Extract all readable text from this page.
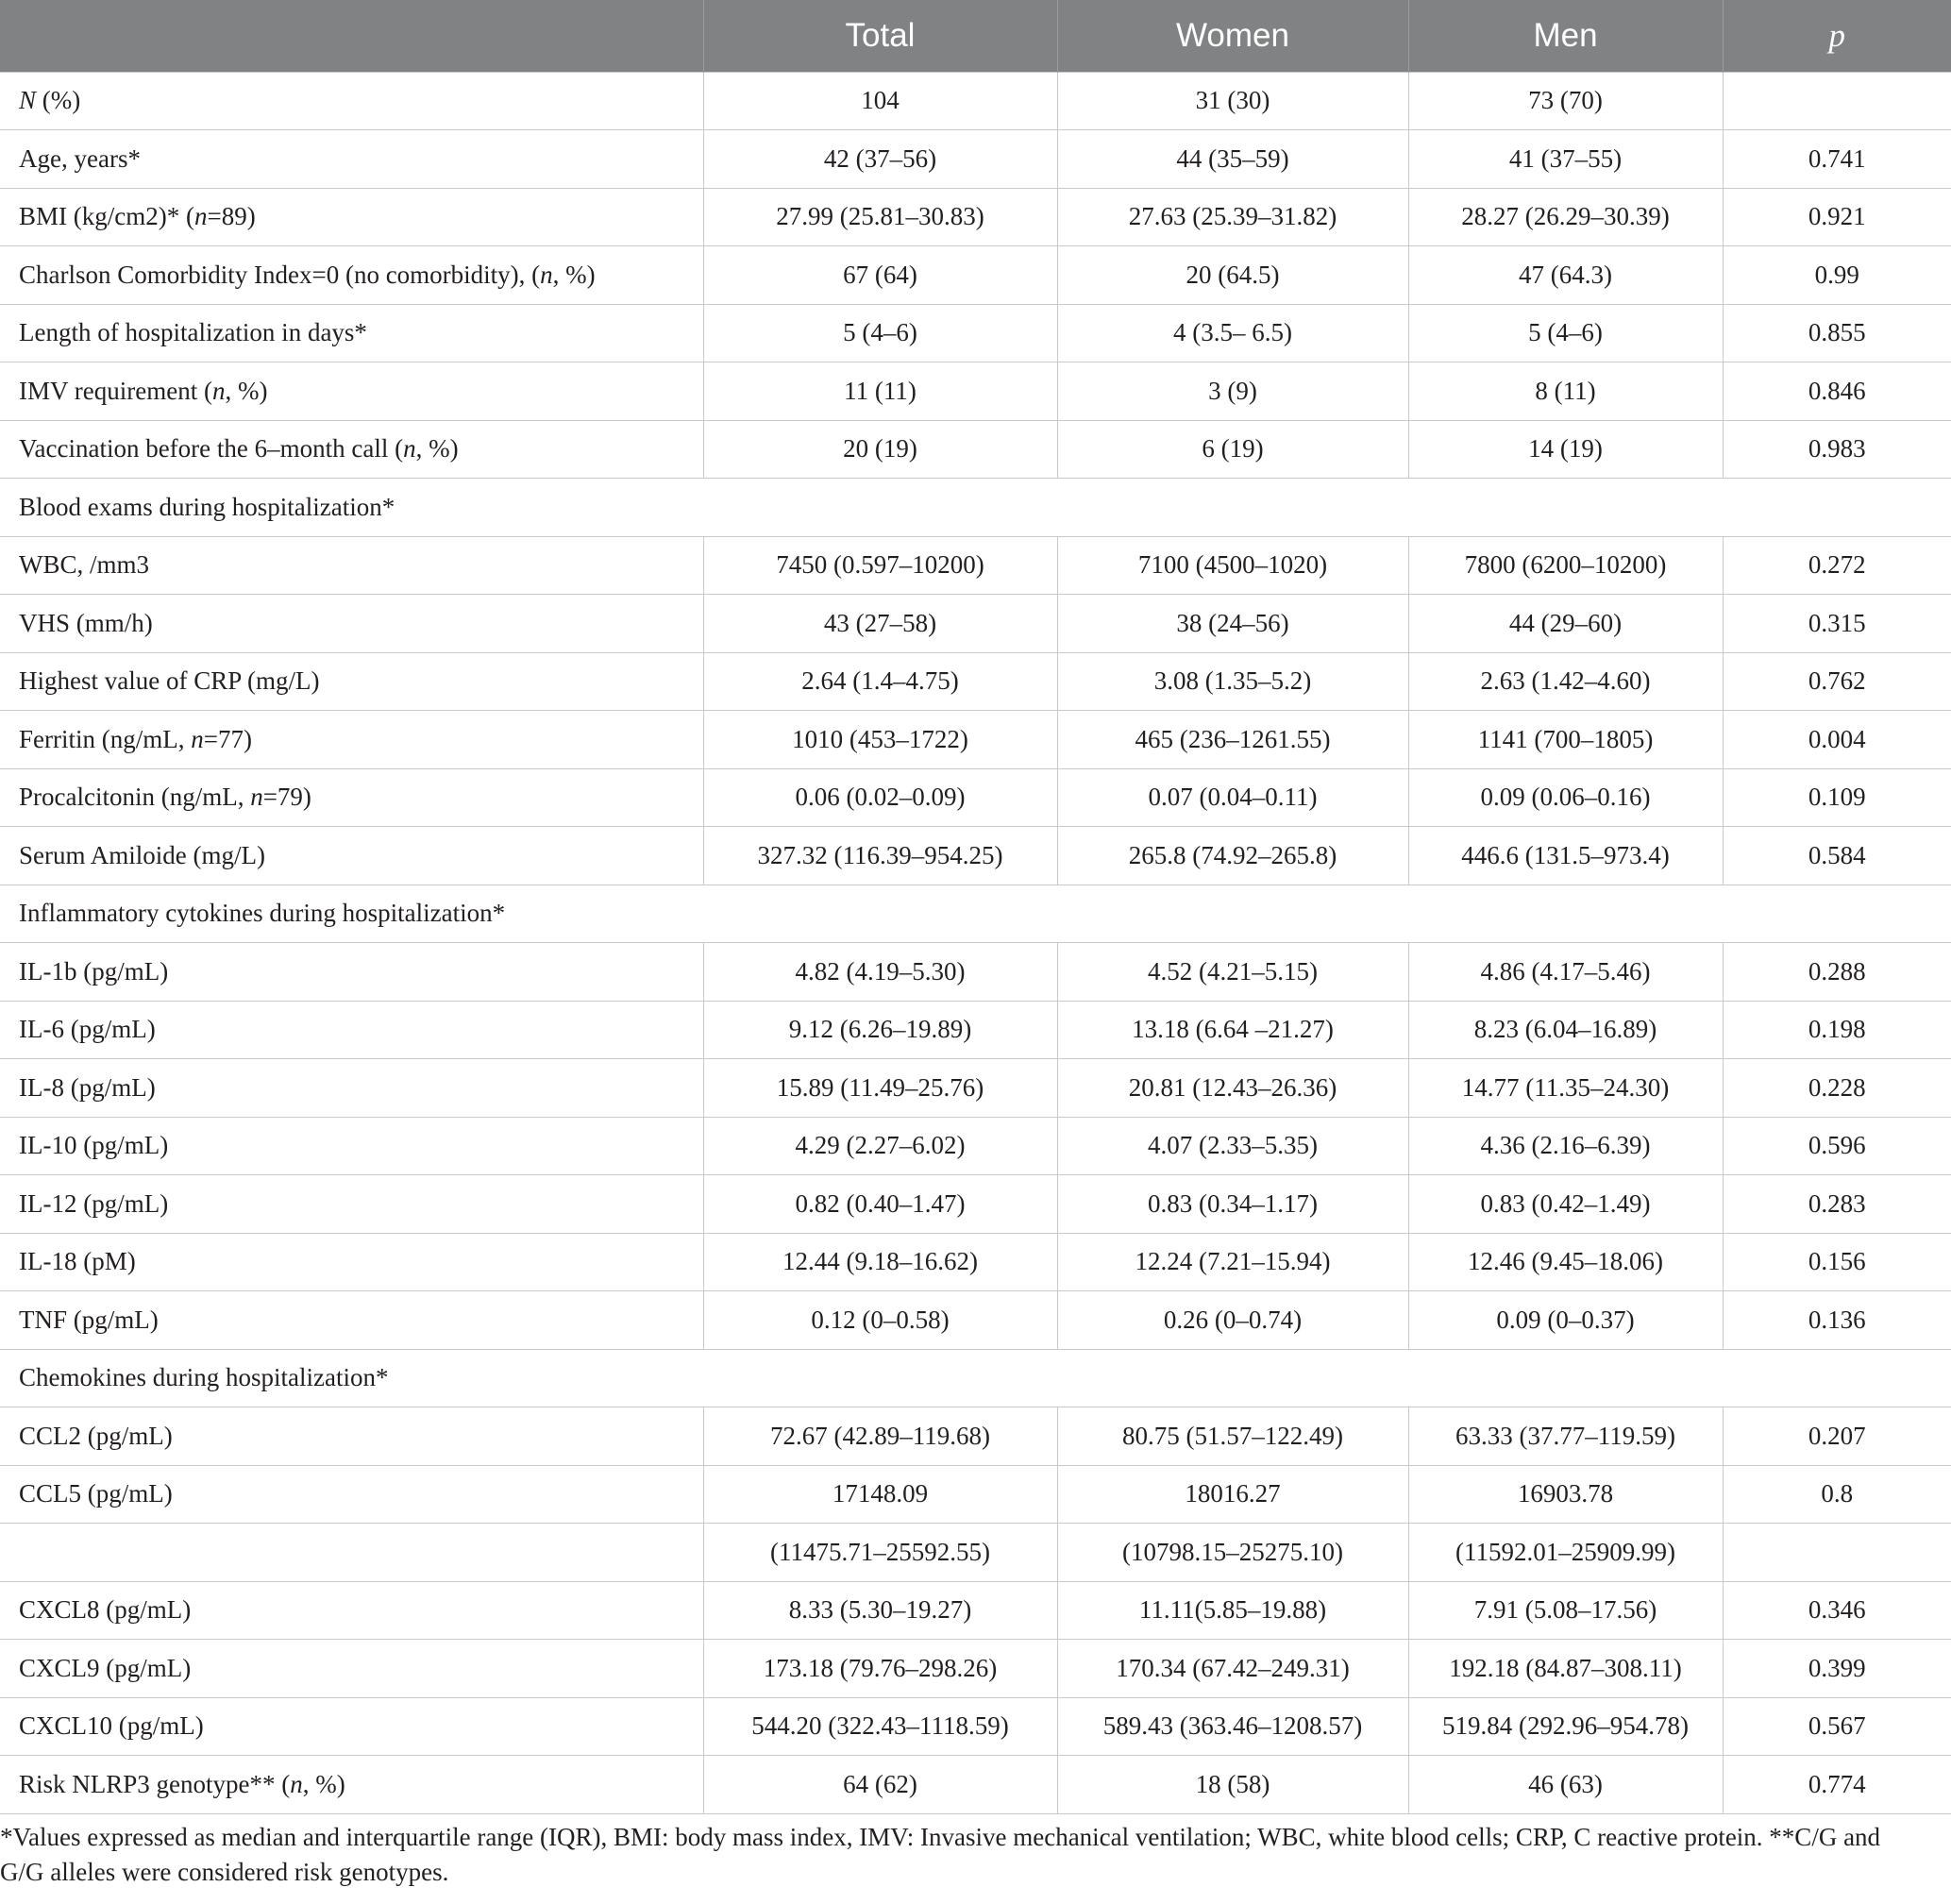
	Total	Women	Men	p
N (%)	104	31 (30)	73 (70)	
Age, years*	42 (37–56)	44 (35–59)	41 (37–55)	0.741
BMI (kg/cm2)* (n=89)	27.99 (25.81–30.83)	27.63 (25.39–31.82)	28.27 (26.29–30.39)	0.921
Charlson Comorbidity Index=0 (no comorbidity), (n, %)	67 (64)	20 (64.5)	47 (64.3)	0.99
Length of hospitalization in days*	5 (4–6)	4 (3.5– 6.5)	5 (4–6)	0.855
IMV requirement (n, %)	11 (11)	3 (9)	8 (11)	0.846
Vaccination before the 6–month call (n, %)	20 (19)	6 (19)	14 (19)	0.983
Blood exams during hospitalization*				
WBC, /mm3	7450 (0.597–10200)	7100 (4500–1020)	7800 (6200–10200)	0.272
VHS (mm/h)	43 (27–58)	38 (24–56)	44 (29–60)	0.315
Highest value of CRP (mg/L)	2.64 (1.4–4.75)	3.08 (1.35–5.2)	2.63 (1.42–4.60)	0.762
Ferritin (ng/mL, n=77)	1010 (453–1722)	465 (236–1261.55)	1141 (700–1805)	0.004
Procalcitonin (ng/mL, n=79)	0.06 (0.02–0.09)	0.07 (0.04–0.11)	0.09 (0.06–0.16)	0.109
Serum Amiloide (mg/L)	327.32 (116.39–954.25)	265.8 (74.92–265.8)	446.6 (131.5–973.4)	0.584
Inflammatory cytokines during hospitalization*				
IL-1b (pg/mL)	4.82 (4.19–5.30)	4.52 (4.21–5.15)	4.86 (4.17–5.46)	0.288
IL-6 (pg/mL)	9.12 (6.26–19.89)	13.18 (6.64 –21.27)	8.23 (6.04–16.89)	0.198
IL-8 (pg/mL)	15.89 (11.49–25.76)	20.81 (12.43–26.36)	14.77 (11.35–24.30)	0.228
IL-10 (pg/mL)	4.29 (2.27–6.02)	4.07 (2.33–5.35)	4.36 (2.16–6.39)	0.596
IL-12 (pg/mL)	0.82 (0.40–1.47)	0.83 (0.34–1.17)	0.83 (0.42–1.49)	0.283
IL-18 (pM)	12.44 (9.18–16.62)	12.24 (7.21–15.94)	12.46 (9.45–18.06)	0.156
TNF (pg/mL)	0.12 (0–0.58)	0.26 (0–0.74)	0.09 (0–0.37)	0.136
Chemokines during hospitalization*				
CCL2 (pg/mL)	72.67 (42.89–119.68)	80.75 (51.57–122.49)	63.33 (37.77–119.59)	0.207
CCL5 (pg/mL)	17148.09	18016.27	16903.78	0.8
	(11475.71–25592.55)	(10798.15–25275.10)	(11592.01–25909.99)	
CXCL8 (pg/mL)	8.33 (5.30–19.27)	11.11(5.85–19.88)	7.91 (5.08–17.56)	0.346
CXCL9 (pg/mL)	173.18 (79.76–298.26)	170.34 (67.42–249.31)	192.18 (84.87–308.11)	0.399
CXCL10 (pg/mL)	544.20 (322.43–1118.59)	589.43 (363.46–1208.57)	519.84 (292.96–954.78)	0.567
Risk NLRP3 genotype** (n, %)	64 (62)	18 (58)	46 (63)	0.774
*Values expressed as median and interquartile range (IQR), BMI: body mass index, IMV: Invasive mechanical ventilation; WBC, white blood cells; CRP, C reactive protein. **C/G and G/G alleles were considered risk genotypes.
